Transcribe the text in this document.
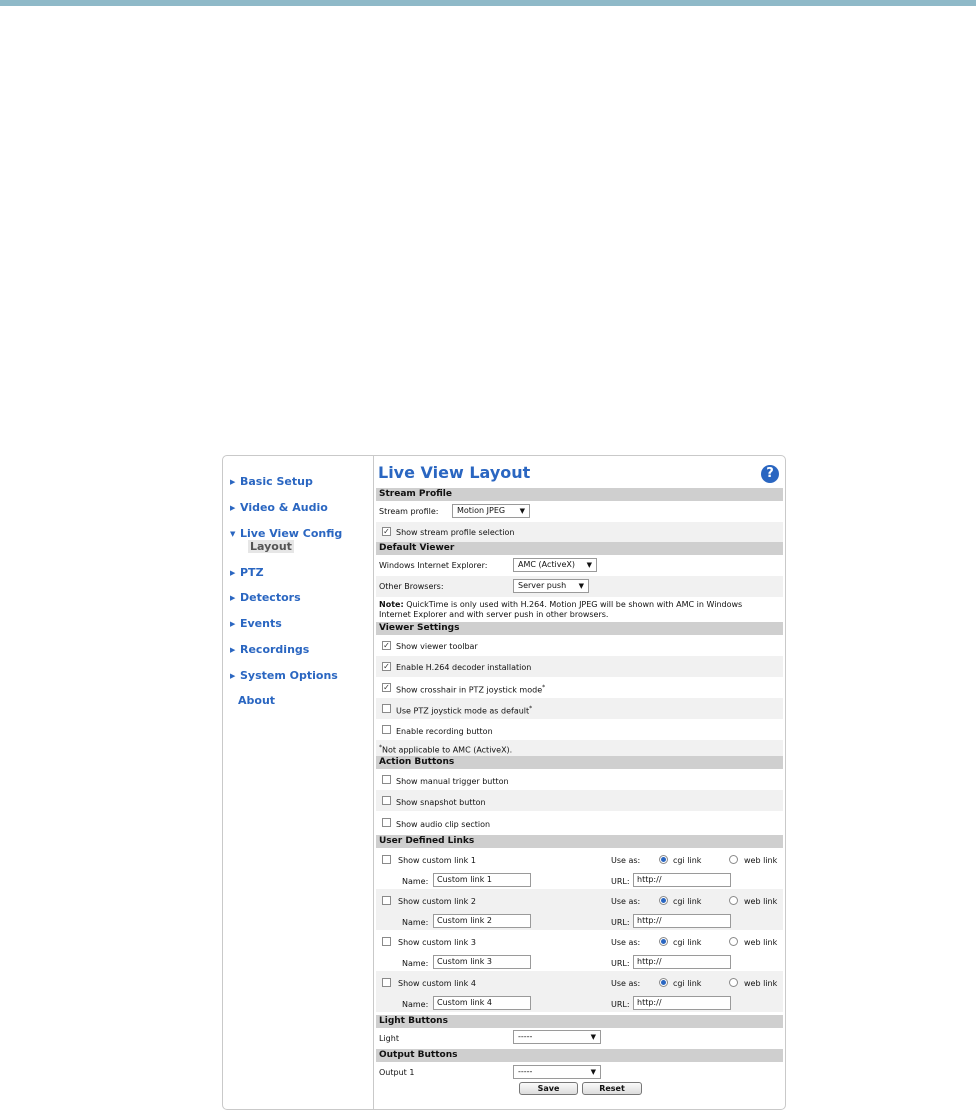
▶ Basic Setup
▶ Video & Audio
▼ Live View Config
Layout
▶ PTZ
▶ Detectors
▶ Events
▶ Recordings
▶ System Options
About
Live View Layout	?
Stream Profile
Stream profile:	Motion JPEG ▼
✓ Show stream profile selection
Default Viewer
Windows Internet Explorer:	AMC (ActiveX) ▼
Other Browsers:	Server push ▼
Note: QuickTime is only used with H.264. Motion JPEG will be shown with AMC in Windows
Internet Explorer and with server push in other browsers.
Viewer Settings
✓ Show viewer toolbar
✓ Enable H.264 decoder installation
✓ Show crosshair in PTZ joystick mode*
Use PTZ joystick mode as default*
Enable recording button
*Not applicable to AMC (ActiveX).
Action Buttons
Show manual trigger button
Show snapshot button
Show audio clip section
User Defined Links
Show custom link 1	Use as:	cgi link	web link
Name:	Custom link 1	URL: http://
Show custom link 2	Use as:	cgi link	web link
Name:	Custom link 2	URL: http://
Show custom link 3	Use as:	cgi link	web link
Name:	Custom link 3	URL: http://
Show custom link 4	Use as:	cgi link	web link
Name:	Custom link 4	URL: http://
Light Buttons
Light	-----	▼
Output Buttons
Output 1	-----	▼
Save	Reset
